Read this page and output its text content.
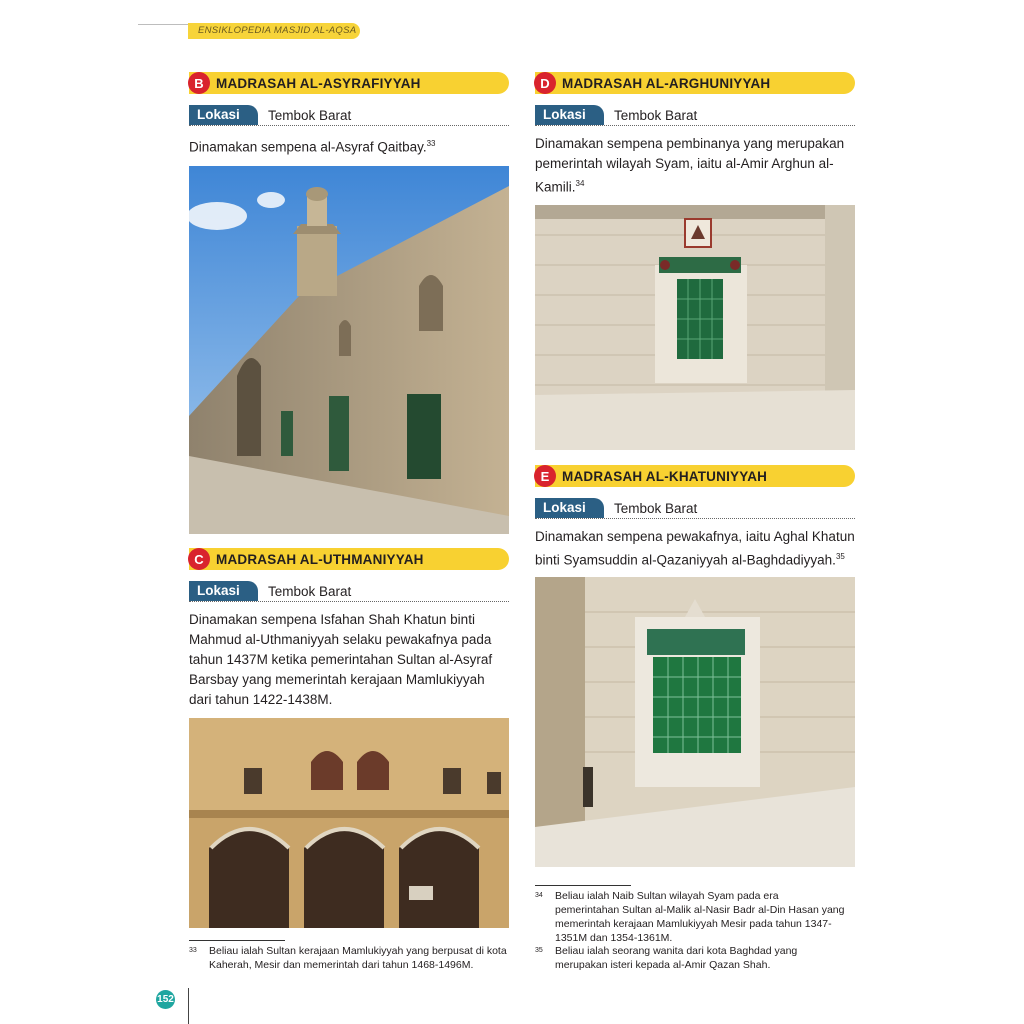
ENSIKLOPEDIA MASJID AL-AQSA
B MADRASAH AL-ASYRAFIYYAH
Lokasi	Tembok Barat
Dinamakan sempena al-Asyraf Qaitbay.$^{33}$
C MADRASAH AL-UTHMANIYYAH
Lokasi	Tembok Barat
Dinamakan sempena Isfahan Shah Khatun binti Mahmud al-Uthmaniyyah selaku pewakafnya pada tahun 1437M ketika pemerintahan Sultan al-Asyraf Barsbay yang memerintah kerajaan Mamlukiyyah dari tahun 1422-1438M.
33 Beliau ialah Sultan kerajaan Mamlukiyyah yang berpusat di kota Kaherah, Mesir dan memerintah dari tahun 1468-1496M.
D MADRASAH AL-ARGHUNIYYAH
Lokasi	Tembok Barat
Dinamakan sempena pembinanya yang merupakan pemerintah wilayah Syam, iaitu al-Amir Arghun al-Kamili.$^{34}$
E MADRASAH AL-KHATUNIYYAH
Lokasi	Tembok Barat
Dinamakan sempena pewakafnya, iaitu Aghal Khatun binti Syamsuddin al-Qazaniyyah al-Baghdadiyyah.$^{35}$
34 Beliau ialah Naib Sultan wilayah Syam pada era pemerintahan Sultan al-Malik al-Nasir Badr al-Din Hasan yang memerintah kerajaan Mamlukiyyah Mesir pada tahun 1347-1351M dan 1354-1361M.
35 Beliau ialah seorang wanita dari kota Baghdad yang merupakan isteri kepada al-Amir Qazan Shah.
152
